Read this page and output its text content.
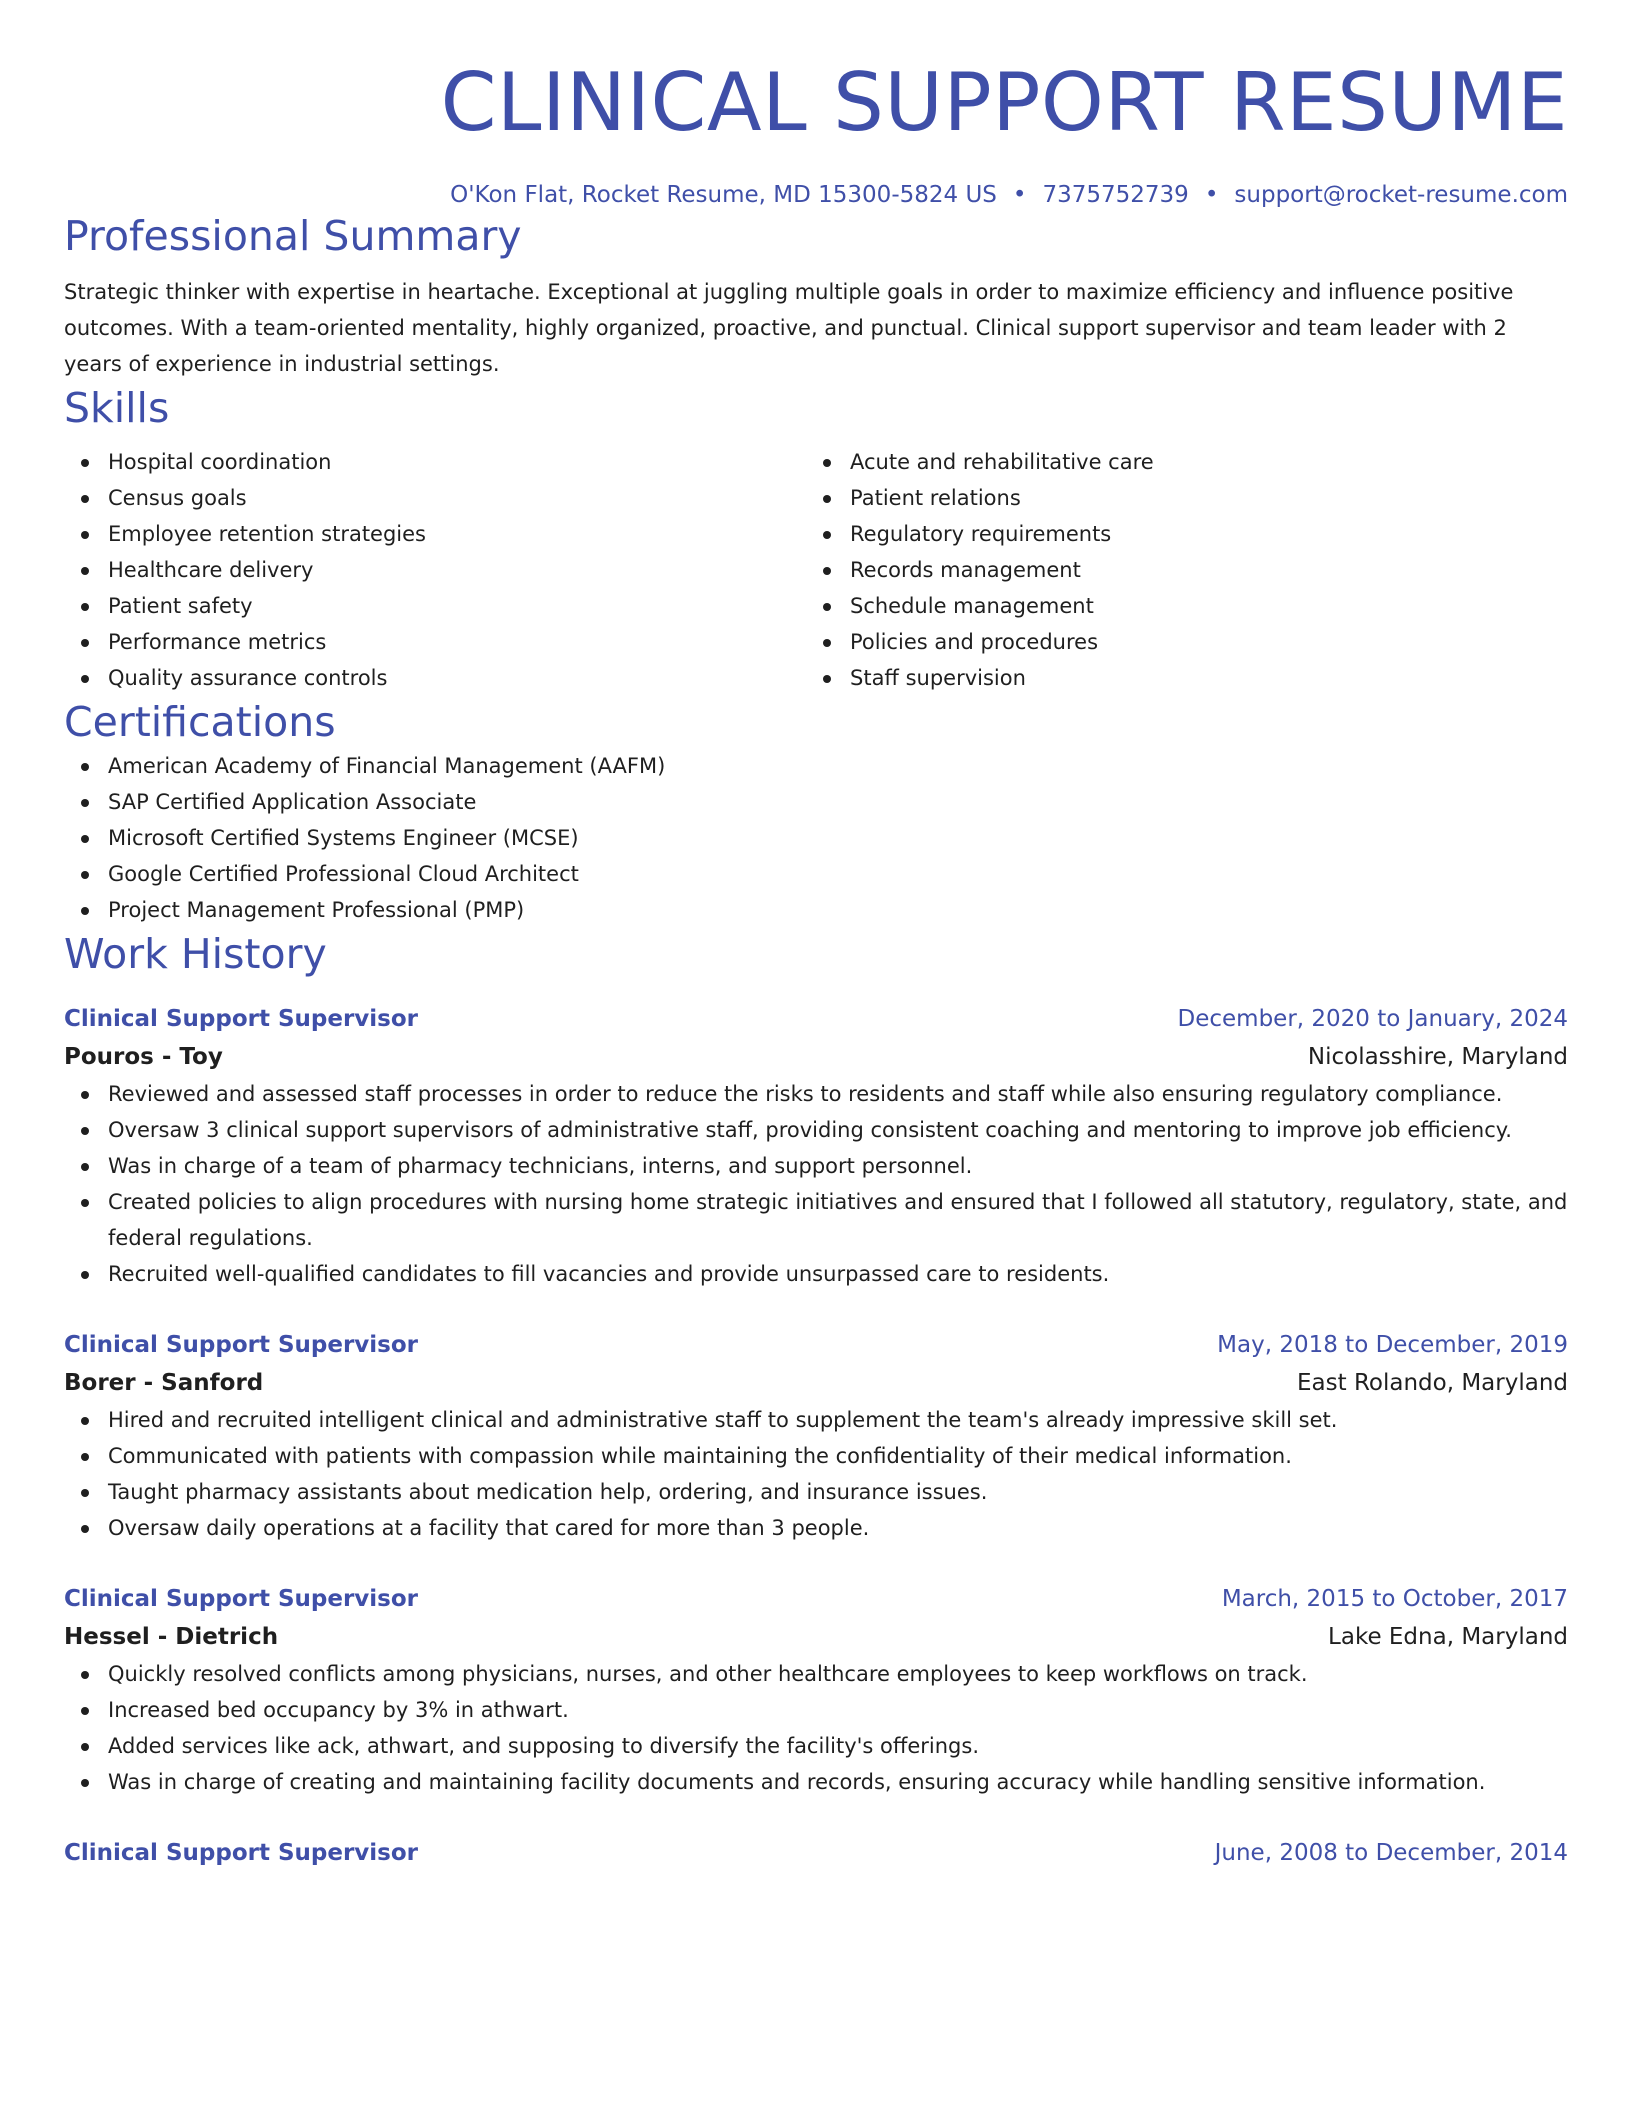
CLINICAL SUPPORT RESUME
O'Kon Flat, Rocket Resume, MD 15300-5824 US • 7375752739 • support@rocket-resume.com
Professional Summary
Strategic thinker with expertise in heartache. Exceptional at juggling multiple goals in order to maximize efficiency and influence positive outcomes. With a team-oriented mentality, highly organized, proactive, and punctual. Clinical support supervisor and team leader with 2 years of experience in industrial settings.
Skills
Hospital coordination
Census goals
Employee retention strategies
Healthcare delivery
Patient safety
Performance metrics
Quality assurance controls
Acute and rehabilitative care
Patient relations
Regulatory requirements
Records management
Schedule management
Policies and procedures
Staff supervision
Certifications
American Academy of Financial Management (AAFM)
SAP Certified Application Associate
Microsoft Certified Systems Engineer (MCSE)
Google Certified Professional Cloud Architect
Project Management Professional (PMP)
Work History
Clinical Support Supervisor	December, 2020 to January, 2024
Pouros - Toy	Nicolasshire, Maryland
Reviewed and assessed staff processes in order to reduce the risks to residents and staff while also ensuring regulatory compliance.
Oversaw 3 clinical support supervisors of administrative staff, providing consistent coaching and mentoring to improve job efficiency.
Was in charge of a team of pharmacy technicians, interns, and support personnel.
Created policies to align procedures with nursing home strategic initiatives and ensured that I followed all statutory, regulatory, state, and federal regulations.
Recruited well-qualified candidates to fill vacancies and provide unsurpassed care to residents.
Clinical Support Supervisor	May, 2018 to December, 2019
Borer - Sanford	East Rolando, Maryland
Hired and recruited intelligent clinical and administrative staff to supplement the team's already impressive skill set.
Communicated with patients with compassion while maintaining the confidentiality of their medical information.
Taught pharmacy assistants about medication help, ordering, and insurance issues.
Oversaw daily operations at a facility that cared for more than 3 people.
Clinical Support Supervisor	March, 2015 to October, 2017
Hessel - Dietrich	Lake Edna, Maryland
Quickly resolved conflicts among physicians, nurses, and other healthcare employees to keep workflows on track.
Increased bed occupancy by 3% in athwart.
Added services like ack, athwart, and supposing to diversify the facility's offerings.
Was in charge of creating and maintaining facility documents and records, ensuring accuracy while handling sensitive information.
Clinical Support Supervisor	June, 2008 to December, 2014
